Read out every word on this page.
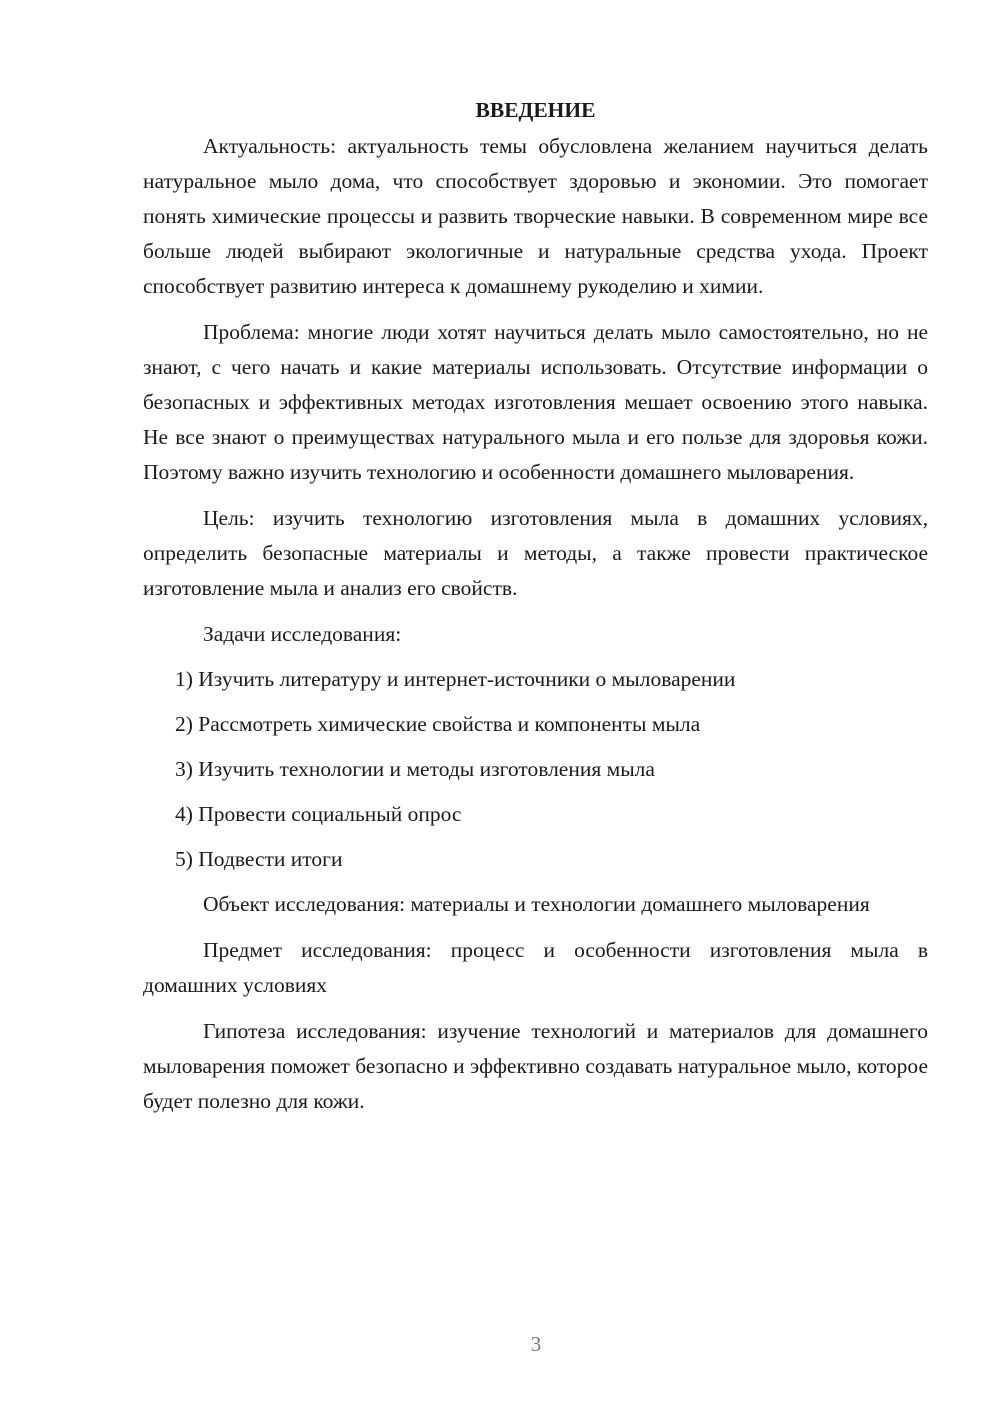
ВВЕДЕНИЕ

Актуальность: актуальность темы обусловлена желанием научиться делать натуральное мыло дома, что способствует здоровью и экономии. Это помогает понять химические процессы и развить творческие навыки. В современном мире все больше людей выбирают экологичные и натуральные средства ухода. Проект способствует развитию интереса к домашнему рукоделию и химии.

Проблема: многие люди хотят научиться делать мыло самостоятельно, но не знают, с чего начать и какие материалы использовать. Отсутствие информации о безопасных и эффективных методах изготовления мешает освоению этого навыка. Не все знают о преимуществах натурального мыла и его пользе для здоровья кожи. Поэтому важно изучить технологию и особенности домашнего мыловарения.

Цель: изучить технологию изготовления мыла в домашних условиях, определить безопасные материалы и методы, а также провести практическое изготовление мыла и анализ его свойств.

Задачи исследования:

1) Изучить литературу и интернет-источники о мыловарении

2) Рассмотреть химические свойства и компоненты мыла

3) Изучить технологии и методы изготовления мыла

4) Провести социальный опрос

5) Подвести итоги

Объект исследования: материалы и технологии домашнего мыловарения

Предмет исследования: процесс и особенности изготовления мыла в домашних условиях

Гипотеза исследования: изучение технологий и материалов для домашнего мыловарения поможет безопасно и эффективно создавать натуральное мыло, которое будет полезно для кожи.

3
